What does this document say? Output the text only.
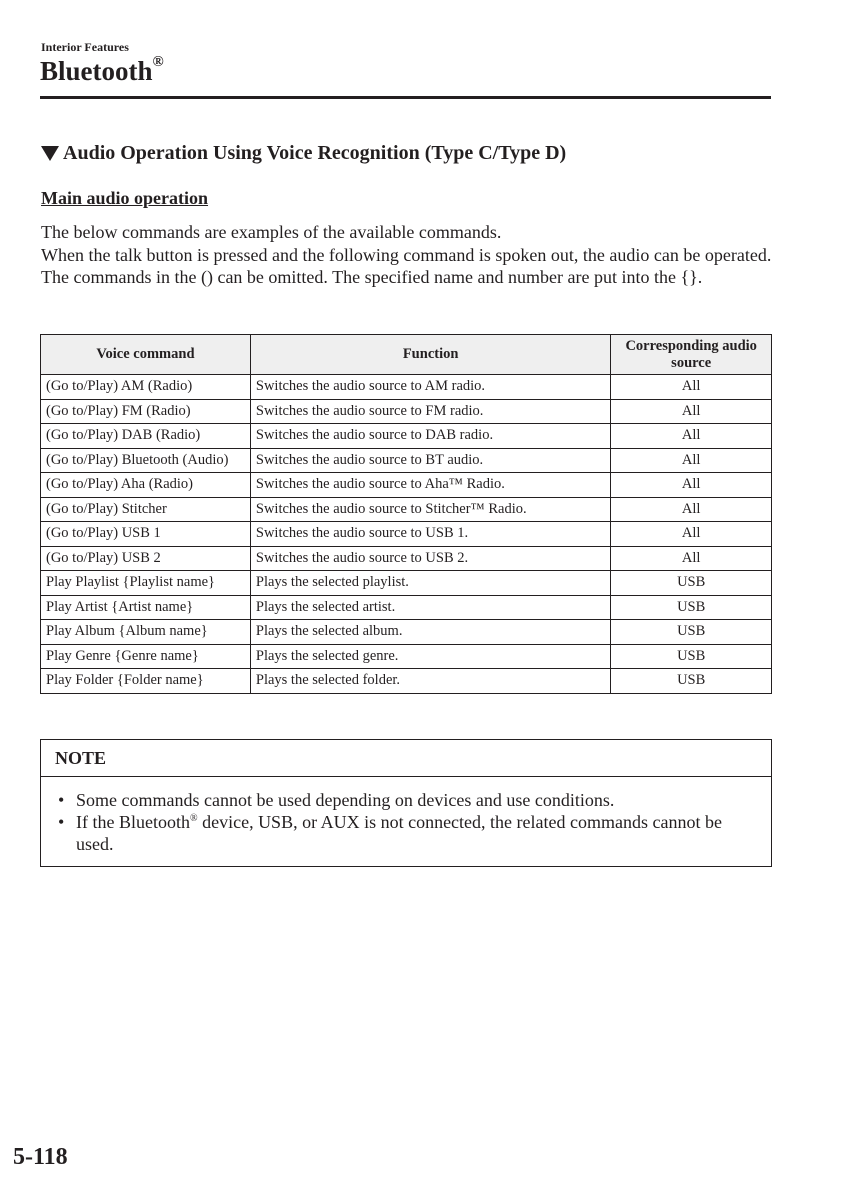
Interior Features
Bluetooth®
Audio Operation Using Voice Recognition (Type C/Type D)
Main audio operation

The below commands are examples of the available commands.

When the talk button is pressed and the following command is spoken out, the audio can be operated. The commands in the () can be omitted. The specified name and number are put into the {}.

Voice command	Function	Corresponding audio source
(Go to/Play) AM (Radio)	Switches the audio source to AM radio.	All
(Go to/Play) FM (Radio)	Switches the audio source to FM radio.	All
(Go to/Play) DAB (Radio)	Switches the audio source to DAB radio.	All
(Go to/Play) Bluetooth (Audio)	Switches the audio source to BT audio.	All
(Go to/Play) Aha (Radio)	Switches the audio source to Aha™ Radio.	All
(Go to/Play) Stitcher	Switches the audio source to Stitcher™ Radio.	All
(Go to/Play) USB 1	Switches the audio source to USB 1.	All
(Go to/Play) USB 2	Switches the audio source to USB 2.	All
Play Playlist {Playlist name}	Plays the selected playlist.	USB
Play Artist {Artist name}	Plays the selected artist.	USB
Play Album {Album name}	Plays the selected album.	USB
Play Genre {Genre name}	Plays the selected genre.	USB
Play Folder {Folder name}	Plays the selected folder.	USB
NOTE
• Some commands cannot be used depending on devices and use conditions.
• If the Bluetooth® device, USB, or AUX is not connected, the related commands cannot be used.
5-118
